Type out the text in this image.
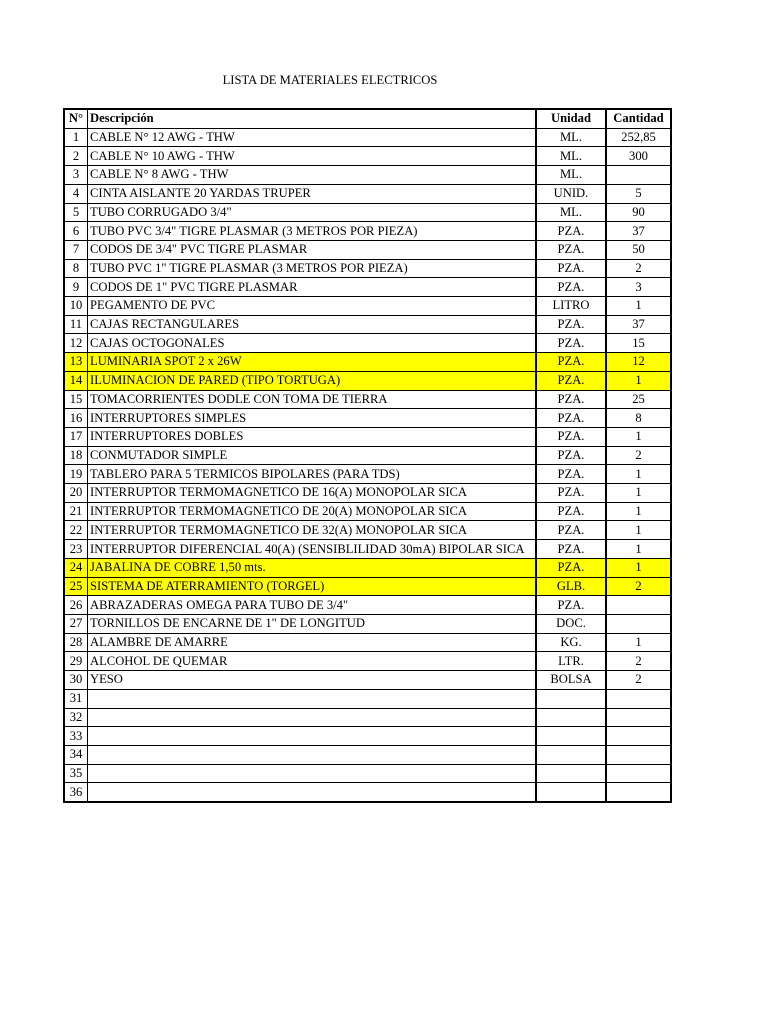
LISTA DE MATERIALES ELECTRICOS
N° Descripción	Unidad	Cantidad
1 CABLE N° 12 AWG - THW	ML.	252,85
2 CABLE N° 10 AWG - THW	ML.	300
3 CABLE N° 8 AWG - THW	ML.
4 CINTA AISLANTE 20 YARDAS TRUPER	UNID.	5
5 TUBO CORRUGADO 3/4"	ML.	90
6 TUBO PVC 3/4" TIGRE PLASMAR (3 METROS POR PIEZA)	PZA.	37
7 CODOS DE 3/4" PVC TIGRE PLASMAR	PZA.	50
8 TUBO PVC 1" TIGRE PLASMAR (3 METROS POR PIEZA)	PZA.	2
9 CODOS DE 1" PVC TIGRE PLASMAR	PZA.	3
10 PEGAMENTO DE PVC	LITRO	1
11 CAJAS RECTANGULARES	PZA.	37
12 CAJAS OCTOGONALES	PZA.	15
13 LUMINARIA SPOT 2 x 26W	PZA.	12
14 ILUMINACION DE PARED (TIPO TORTUGA)	PZA.	1
15 TOMACORRIENTES DODLE CON TOMA DE TIERRA	PZA.	25
16 INTERRUPTORES SIMPLES	PZA.	8
17 INTERRUPTORES DOBLES	PZA.	1
18 CONMUTADOR SIMPLE	PZA.	2
19 TABLERO PARA 5 TERMICOS BIPOLARES (PARA TDS)	PZA.	1
20 INTERRUPTOR TERMOMAGNETICO DE 16(A) MONOPOLAR SICA	PZA.	1
21 INTERRUPTOR TERMOMAGNETICO DE 20(A) MONOPOLAR SICA	PZA.	1
22 INTERRUPTOR TERMOMAGNETICO DE 32(A) MONOPOLAR SICA	PZA.	1
23 INTERRUPTOR DIFERENCIAL 40(A) (SENSIBLILIDAD 30mA) BIPOLAR SICA	PZA.	1
24 JABALINA DE COBRE 1,50 mts.	PZA.	1
25 SISTEMA DE ATERRAMIENTO (TORGEL)	GLB.	2
26 ABRAZADERAS OMEGA PARA TUBO DE 3/4"	PZA.
27 TORNILLOS DE ENCARNE DE 1" DE LONGITUD	DOC.
28 ALAMBRE DE AMARRE	KG.	1
29 ALCOHOL DE QUEMAR	LTR.	2
30 YESO	BOLSA	2
31
32
33
34
35
36
